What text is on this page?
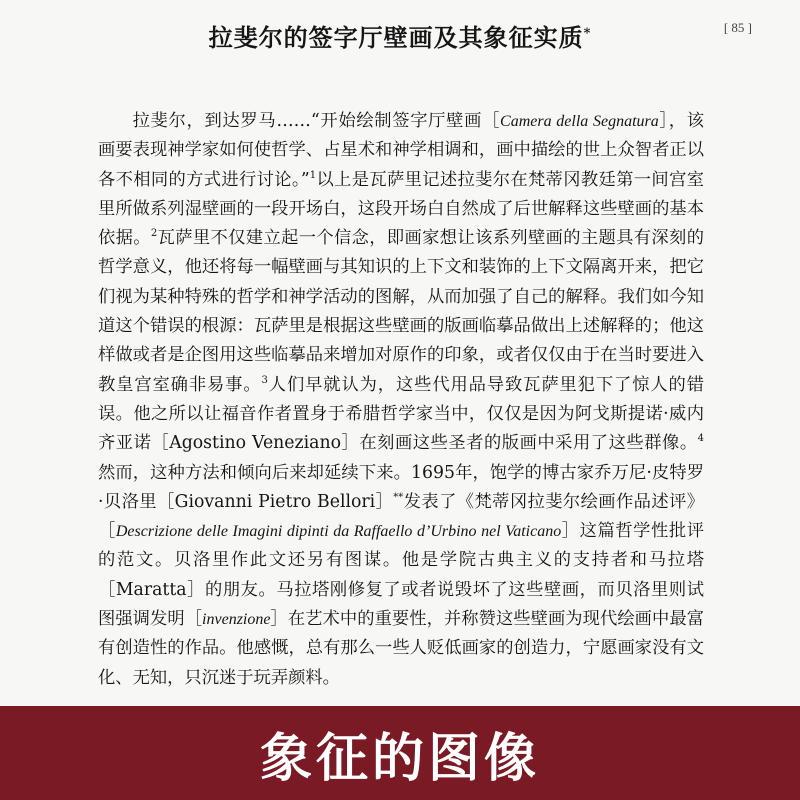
[ 85 ]
拉斐尔的签字厅壁画及其象征实质*

拉斐尔，到达罗马……“开始绘制签字厅壁画［Camera della Segnatura］，该画要表现神学家如何使哲学、占星术和神学相调和，画中描绘的世上众智者正以各不相同的方式进行讨论。”$^1$以上是瓦萨里记述拉斐尔在梵蒂冈教廷第一间宫室里所做系列湿壁画的一段开场白，这段开场白自然成了后世解释这些壁画的基本依据。$^2$瓦萨里不仅建立起一个信念，即画家想让该系列壁画的主题具有深刻的哲学意义，他还将每一幅壁画与其知识的上下文和装饰的上下文隔离开来，把它们视为某种特殊的哲学和神学活动的图解，从而加强了自己的解释。我们如今知道这个错误的根源：瓦萨里是根据这些壁画的版画临摹品做出上述解释的；他这样做或者是企图用这些临摹品来增加对原作的印象，或者仅仅由于在当时要进入教皇宫室确非易事。$^3$人们早就认为，这些代用品导致瓦萨里犯下了惊人的错误。他之所以让福音作者置身于希腊哲学家当中，仅仅是因为阿戈斯提诺·威内齐亚诺［Agostino Veneziano］在刻画这些圣者的版画中采用了这些群像。$^4$然而，这种方法和倾向后来却延续下来。1695年，饱学的博古家乔万尼·皮特罗·贝洛里［Giovanni Pietro Bellori］**发表了《梵蒂冈拉斐尔绘画作品述评》［Descrizione delle Imagini dipinti da Raffaello d’Urbino nel Vaticano］这篇哲学性批评的范文。贝洛里作此文还另有图谋。他是学院古典主义的支持者和马拉塔［Maratta］的朋友。马拉塔刚修复了或者说毁坏了这些壁画，而贝洛里则试图强调发明［invenzione］在艺术中的重要性，并称赞这些壁画为现代绘画中最富有创造性的作品。他感慨，总有那么一些人贬低画家的创造力，宁愿画家没有文化、无知，只沉迷于玩弄颜料。

象征的图像
